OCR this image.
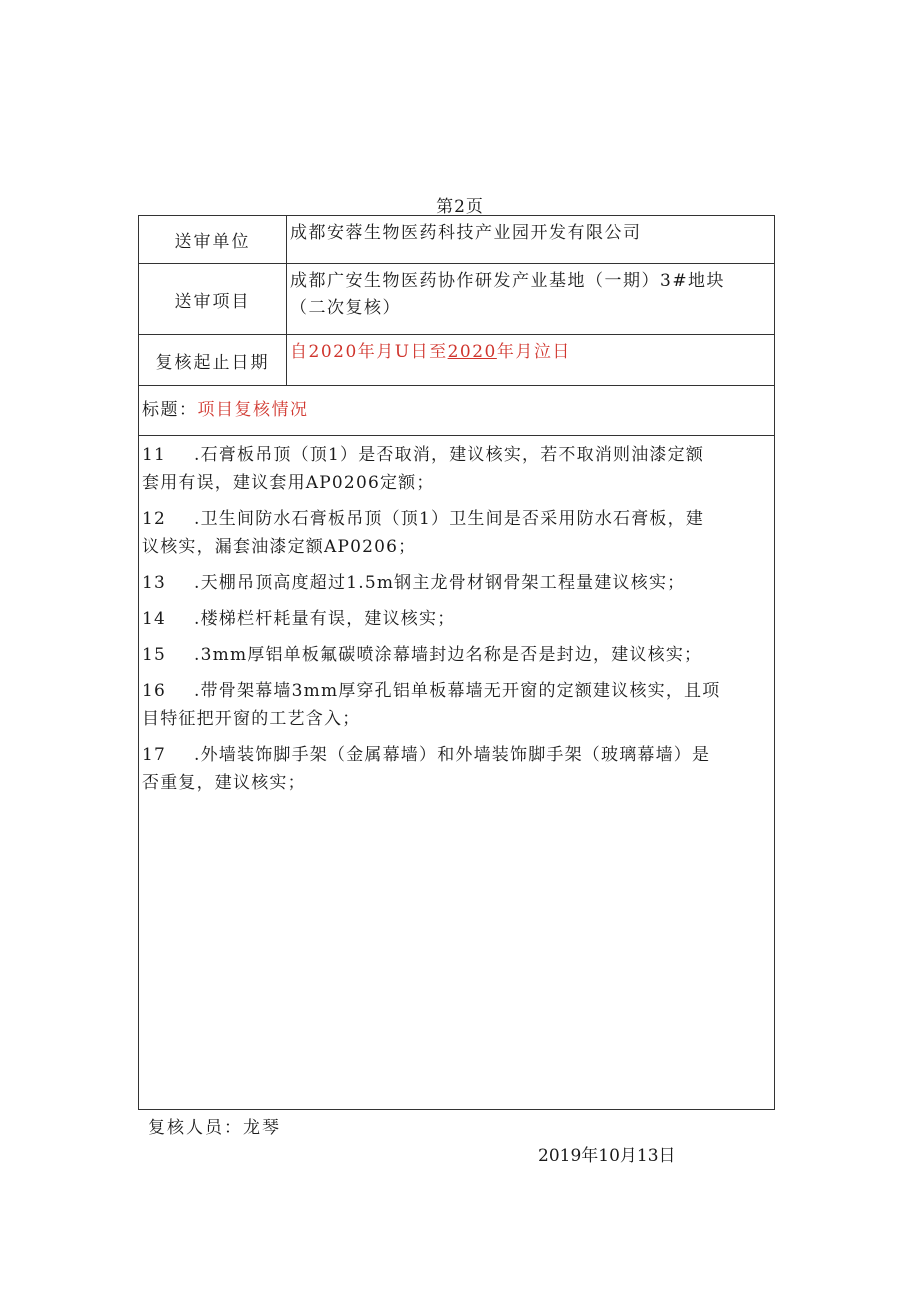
第2页
送审单位	成都安蓉生物医药科技产业园开发有限公司
送审项目
成都广安生物医药协作研发产业基地（一期）3#地块
（二次复核）
复核起止日期
自2020年月U日至2020年月泣日
标题：项目复核情况
11 .石膏板吊顶（顶1）是否取消，建议核实，若不取消则油漆定额
套用有误，建议套用AP0206定额；
12 .卫生间防水石膏板吊顶（顶1）卫生间是否采用防水石膏板，建
议核实，漏套油漆定额AP0206；
13 .天棚吊顶高度超过1.5m钢主龙骨材钢骨架工程量建议核实；
14 .楼梯栏杆耗量有误，建议核实；
15 .3mm厚铝单板氟碳喷涂幕墙封边名称是否是封边，建议核实；
16 .带骨架幕墙3mm厚穿孔铝单板幕墙无开窗的定额建议核实，且项
目特征把开窗的工艺含入；
17 .外墙装饰脚手架（金属幕墙）和外墙装饰脚手架（玻璃幕墙）是
否重复，建议核实；
复核人员：龙琴
2019年10月13日
